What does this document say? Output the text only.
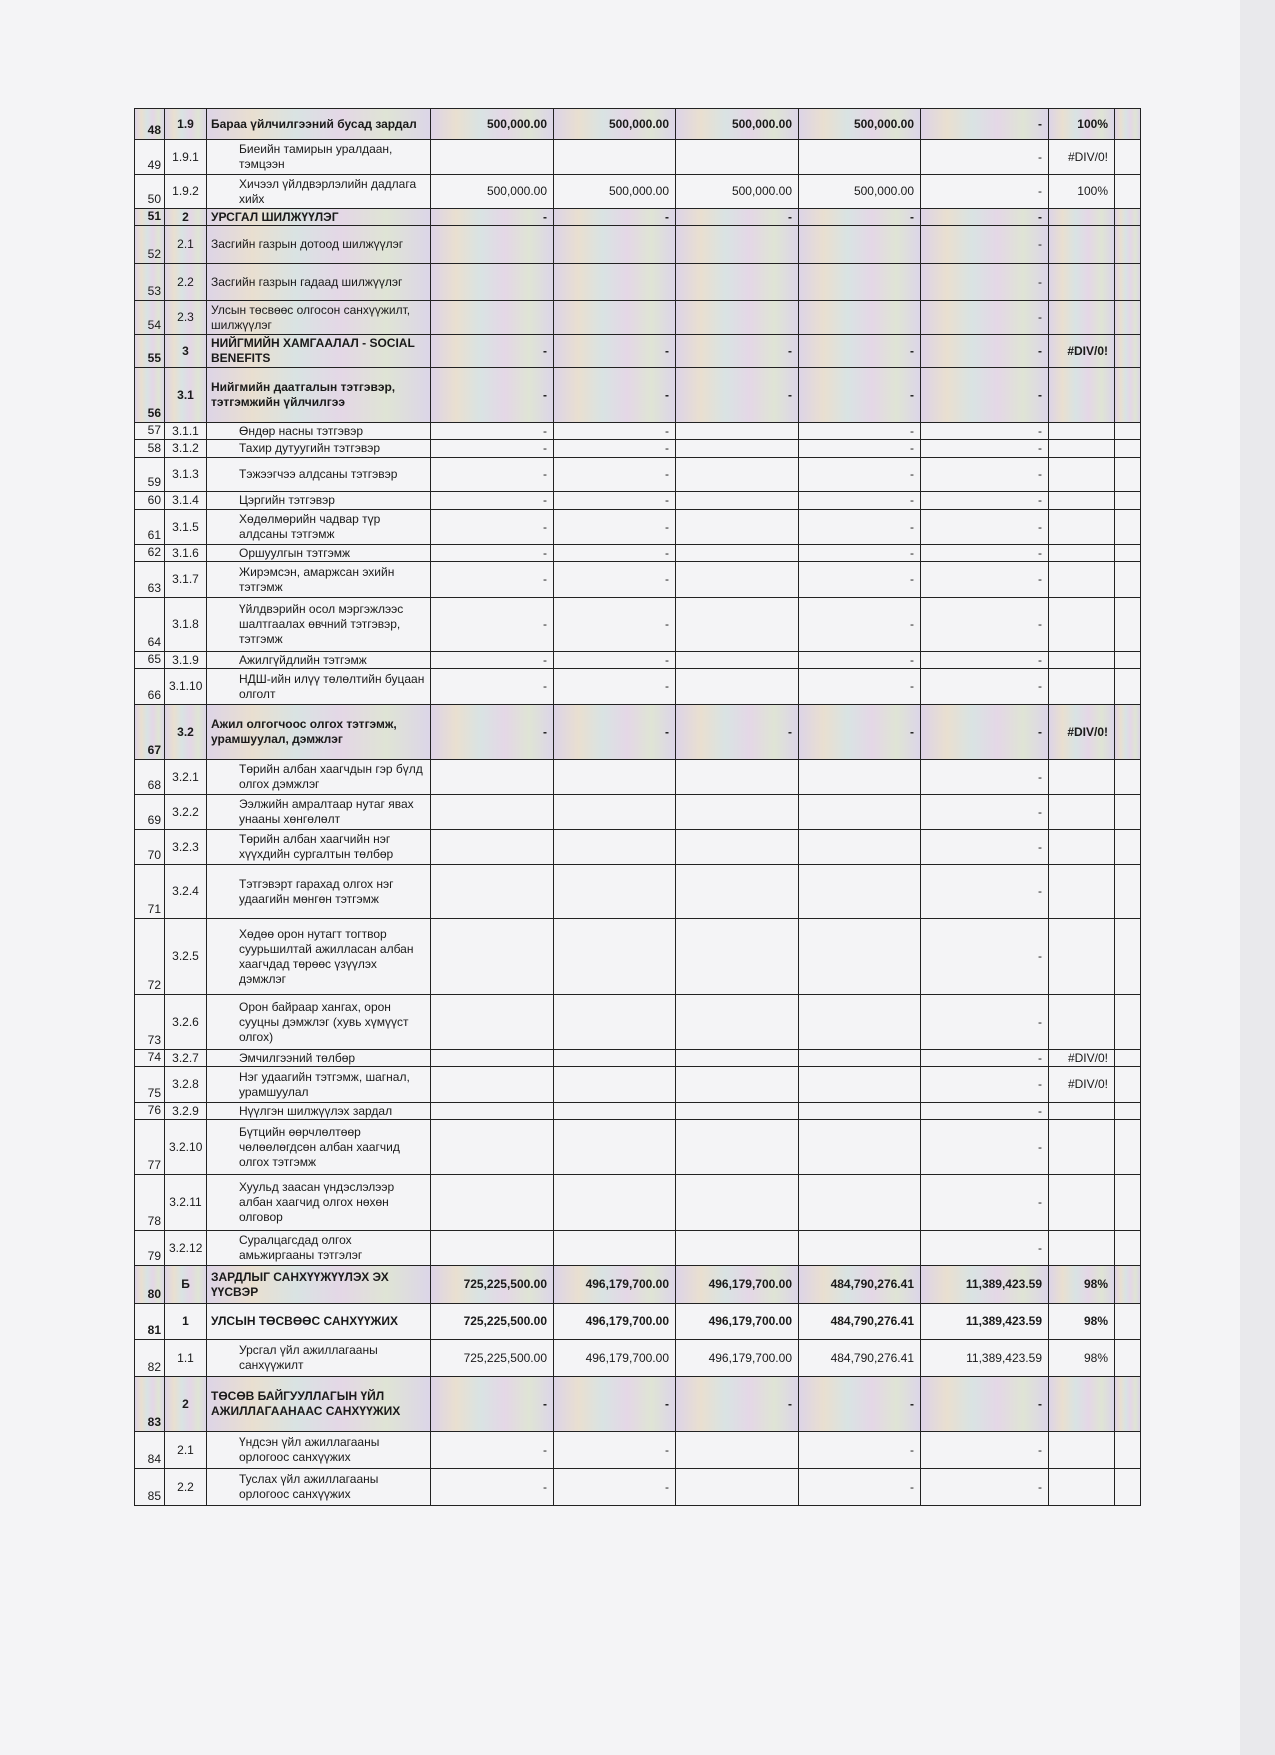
48	1.9	Бараа үйлчилгээний бусад зардал	500,000.00	500,000.00	500,000.00	500,000.00	-	100%	
49	1.9.1	Биеийн тамирын уралдаан, тэмцээн					-	#DIV/0!	
50	1.9.2	Хичээл үйлдвэрлэлийн дадлага хийх	500,000.00	500,000.00	500,000.00	500,000.00	-	100%	
51	2	УРСГАЛ ШИЛЖҮҮЛЭГ	-	-	-	-	-		
52	2.1	Засгийн газрын дотоод шилжүүлэг					-		
53	2.2	Засгийн газрын гадаад шилжүүлэг					-		
54	2.3	Улсын төсвөөс олгосон санхүүжилт, шилжүүлэг					-		
55	3	НИЙГМИЙН ХАМГААЛАЛ - SOCIAL BENEFITS	-	-	-	-	-	#DIV/0!	
56	3.1	Нийгмийн даатгалын тэтгэвэр, тэтгэмжийн үйлчилгээ	-	-	-	-	-		
57	3.1.1	Өндөр насны тэтгэвэр	-	-		-	-		
58	3.1.2	Тахир дутуугийн тэтгэвэр	-	-		-	-		
59	3.1.3	Тэжээгчээ алдсаны тэтгэвэр	-	-		-	-		
60	3.1.4	Цэргийн тэтгэвэр	-	-		-	-		
61	3.1.5	Хөдөлмөрийн чадвар түр алдсаны тэтгэмж	-	-		-	-		
62	3.1.6	Оршуулгын тэтгэмж	-	-		-	-		
63	3.1.7	Жирэмсэн, амаржсан эхийн тэтгэмж	-	-		-	-		
64	3.1.8	Үйлдвэрийн осол мэргэжлээс шалтгаалах өвчний тэтгэвэр, тэтгэмж	-	-		-	-		
65	3.1.9	Ажилгүйдлийн тэтгэмж	-	-		-	-		
66	3.1.10	НДШ-ийн илүү төлөлтийн буцаан олголт	-	-		-	-		
67	3.2	Ажил олгогчоос олгох тэтгэмж, урамшуулал, дэмжлэг	-	-	-	-	-	#DIV/0!	
68	3.2.1	Төрийн албан хаагчдын гэр бүлд олгох дэмжлэг					-		
69	3.2.2	Ээлжийн амралтаар нутаг явах унааны хөнгөлөлт					-		
70	3.2.3	Төрийн албан хаагчийн нэг хүүхдийн сургалтын төлбөр					-		
71	3.2.4	Тэтгэвэрт гарахад олгох нэг удаагийн мөнгөн тэтгэмж					-		
72	3.2.5	Хөдөө орон нутагт тогтвор суурьшилтай ажилласан албан хаагчдад төрөөс үзүүлэх дэмжлэг					-		
73	3.2.6	Орон байраар хангах, орон сууцны дэмжлэг (хувь хүмүүст олгох)					-		
74	3.2.7	Эмчилгээний төлбөр					-	#DIV/0!	
75	3.2.8	Нэг удаагийн тэтгэмж, шагнал, урамшуулал					-	#DIV/0!	
76	3.2.9	Нүүлгэн шилжүүлэх зардал					-		
77	3.2.10	Бүтцийн өөрчлөлтөөр чөлөөлөгдсөн албан хаагчид олгох тэтгэмж					-		
78	3.2.11	Хуульд заасан үндэслэлээр албан хаагчид олгох нөхөн олговор					-		
79	3.2.12	Суралцагсдад олгох амьжиргааны тэтгэлэг					-		
80	Б	ЗАРДЛЫГ САНХҮҮЖҮҮЛЭХ ЭХ ҮҮСВЭР	725,225,500.00	496,179,700.00	496,179,700.00	484,790,276.41	11,389,423.59	98%	
81	1	УЛСЫН ТӨСВӨӨС САНХҮҮЖИХ	725,225,500.00	496,179,700.00	496,179,700.00	484,790,276.41	11,389,423.59	98%	
82	1.1	Урсгал үйл ажиллагааны санхүүжилт	725,225,500.00	496,179,700.00	496,179,700.00	484,790,276.41	11,389,423.59	98%	
83	2	ТӨСӨВ БАЙГУУЛЛАГЫН ҮЙЛ АЖИЛЛАГААНААС САНХҮҮЖИХ	-	-	-	-	-		
84	2.1	Үндсэн үйл ажиллагааны орлогоос санхүүжих	-	-		-	-		
85	2.2	Туслах үйл ажиллагааны орлогоос санхүүжих	-	-		-	-		
